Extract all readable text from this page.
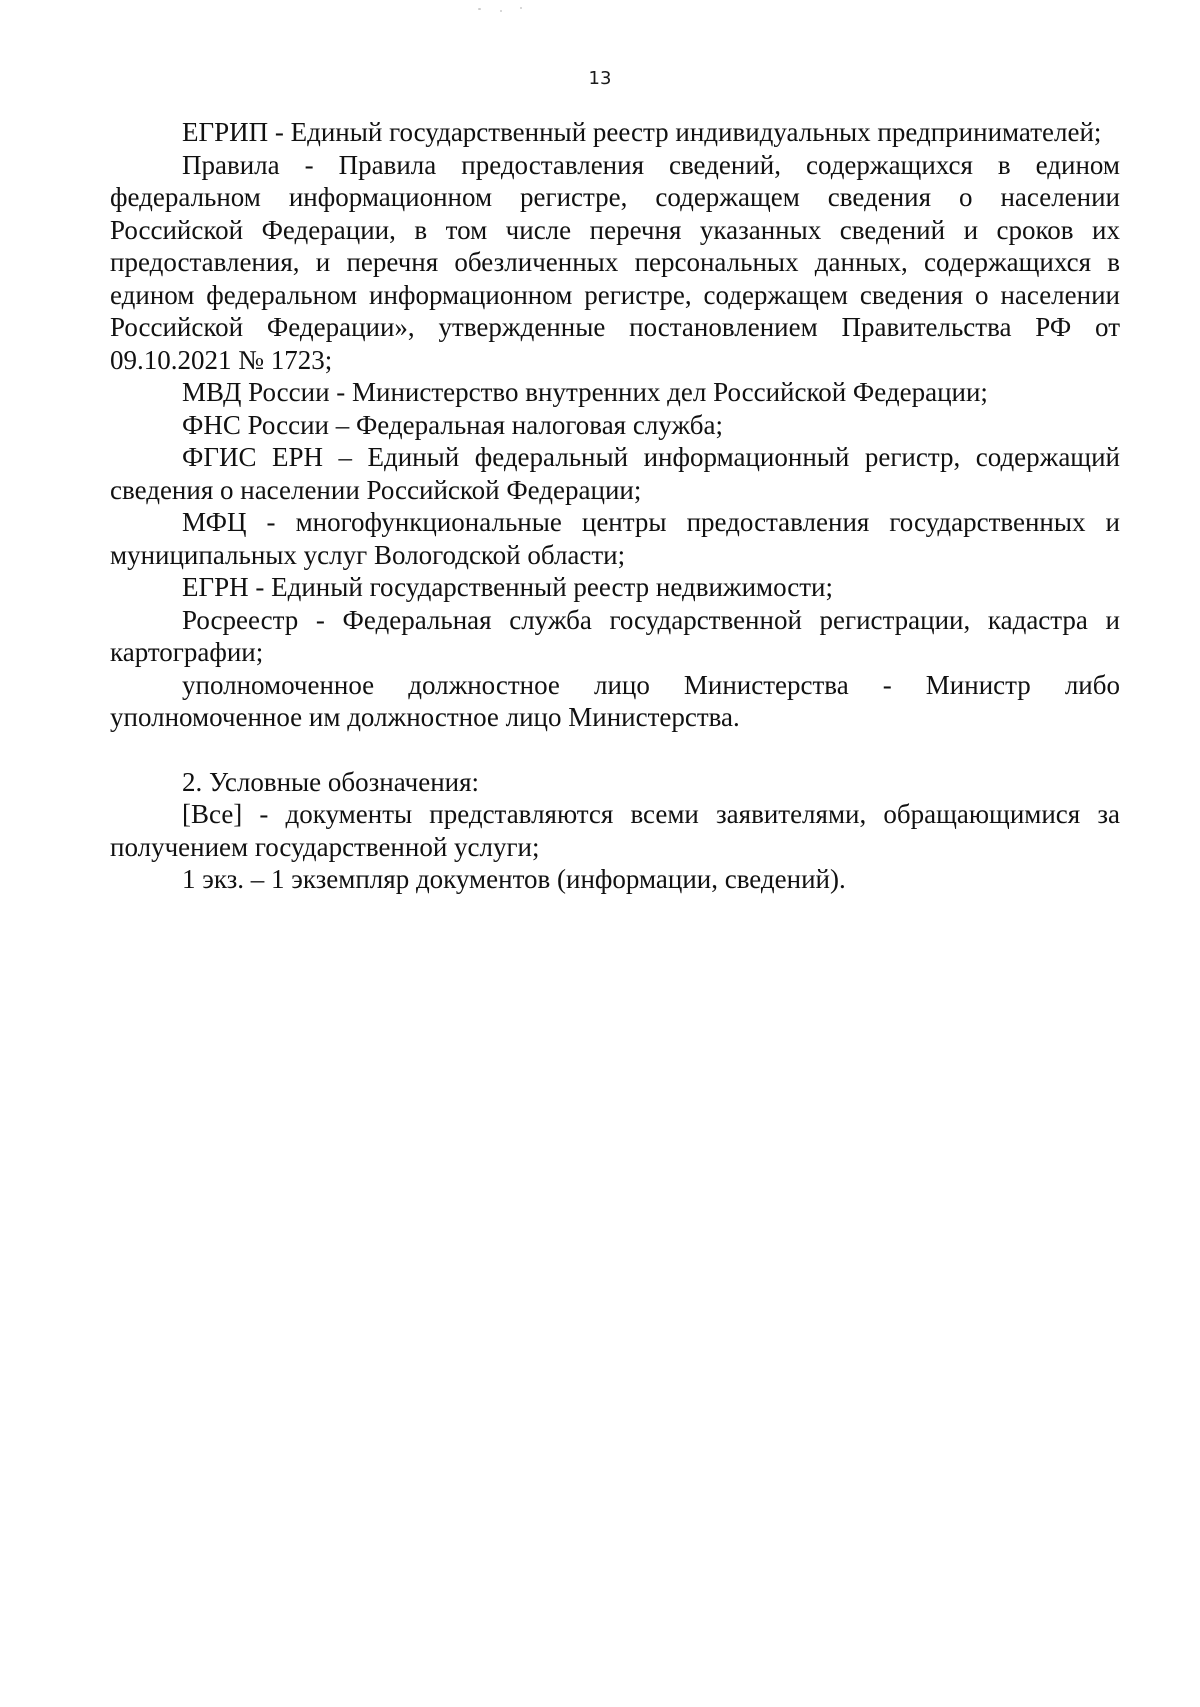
13

ЕГРИП - Единый государственный реестр индивидуальных предпринимателей;

Правила - Правила предоставления сведений, содержащихся в едином федеральном информационном регистре, содержащем сведения о населении Российской Федерации, в том числе перечня указанных сведений и сроков их предоставления, и перечня обезличенных персональных данных, содержащихся в едином федеральном информационном регистре, содержащем сведения о населении Российской Федерации», утвержденные постановлением Правительства РФ от 09.10.2021 № 1723;

МВД России - Министерство внутренних дел Российской Федерации;

ФНС России – Федеральная налоговая служба;

ФГИС ЕРН – Единый федеральный информационный регистр, содержащий сведения о населении Российской Федерации;

МФЦ - многофункциональные центры предоставления государственных и муниципальных услуг Вологодской области;

ЕГРН - Единый государственный реестр недвижимости;

Росреестр - Федеральная служба государственной регистрации, кадастра и картографии;

уполномоченное должностное лицо Министерства - Министр либо уполномоченное им должностное лицо Министерства.

2. Условные обозначения:

[Все] - документы представляются всеми заявителями, обращающимися за получением государственной услуги;

1 экз. – 1 экземпляр документов (информации, сведений).
